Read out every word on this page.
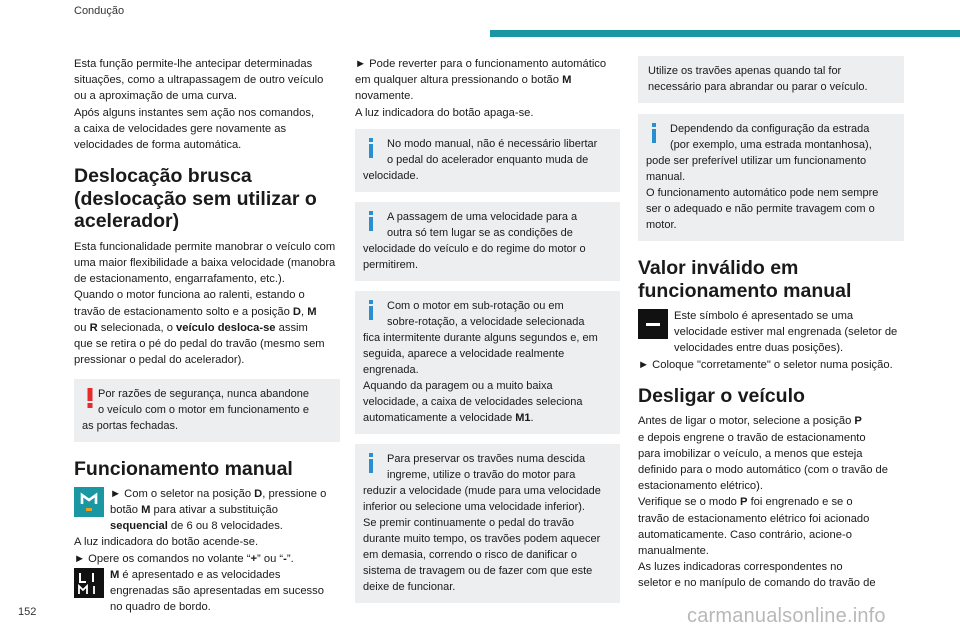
Condução

Esta função permite-lhe antecipar determinadas
situações, como a ultrapassagem de outro veículo
ou a aproximação de uma curva.
Após alguns instantes sem ação nos comandos,
a caixa de velocidades gere novamente as
velocidades de forma automática.

Deslocação brusca
(deslocação sem utilizar o
acelerador)

Esta funcionalidade permite manobrar o veículo com
uma maior flexibilidade a baixa velocidade (manobra
de estacionamento, engarrafamento, etc.).
Quando o motor funciona ao ralenti, estando o
travão de estacionamento solto e a posição D, M
ou R selecionada, o veículo desloca-se assim
que se retira o pé do pedal do travão (mesmo sem
pressionar o pedal do acelerador).

Por razões de segurança, nunca abandone
o veículo com o motor em funcionamento e
as portas fechadas.

Funcionamento manual

► Com o seletor na posição D, pressione o
botão M para ativar a substituição
sequencial de 6 ou 8 velocidades.
A luz indicadora do botão acende-se.
► Opere os comandos no volante “+” ou “-”.

M é apresentado e as velocidades
engrenadas são apresentadas em sucesso
no quadro de bordo.

► Pode reverter para o funcionamento automático
em qualquer altura pressionando o botão M
novamente.
A luz indicadora do botão apaga-se.

No modo manual, não é necessário libertar
o pedal do acelerador enquanto muda de
velocidade.

A passagem de uma velocidade para a
outra só tem lugar se as condições de
velocidade do veículo e do regime do motor o
permitirem.

Com o motor em sub-rotação ou em
sobre-rotação, a velocidade selecionada
fica intermitente durante alguns segundos e, em
seguida, aparece a velocidade realmente
engrenada.
Aquando da paragem ou a muito baixa
velocidade, a caixa de velocidades seleciona
automaticamente a velocidade M1.

Para preservar os travões numa descida
ingreme, utilize o travão do motor para
reduzir a velocidade (mude para uma velocidade
inferior ou selecione uma velocidade inferior).
Se premir continuamente o pedal do travão
durante muito tempo, os travões podem aquecer
em demasia, correndo o risco de danificar o
sistema de travagem ou de fazer com que este
deixe de funcionar.

Utilize os travões apenas quando tal for
necessário para abrandar ou parar o veículo.

Dependendo da configuração da estrada
(por exemplo, uma estrada montanhosa),
pode ser preferível utilizar um funcionamento
manual.
O funcionamento automático pode nem sempre
ser o adequado e não permite travagem com o
motor.

Valor inválido em
funcionamento manual

Este símbolo é apresentado se uma
velocidade estiver mal engrenada (seletor de
velocidades entre duas posições).
► Coloque "corretamente" o seletor numa posição.

Desligar o veículo

Antes de ligar o motor, selecione a posição P
e depois engrene o travão de estacionamento
para imobilizar o veículo, a menos que esteja
definido para o modo automático (com o travão de
estacionamento elétrico).
Verifique se o modo P foi engrenado e se o
travão de estacionamento elétrico foi acionado
automaticamente. Caso contrário, acione-o
manualmente.
As luzes indicadoras correspondentes no
seletor e no manípulo de comando do travão de

152	carmanualsonline.info
